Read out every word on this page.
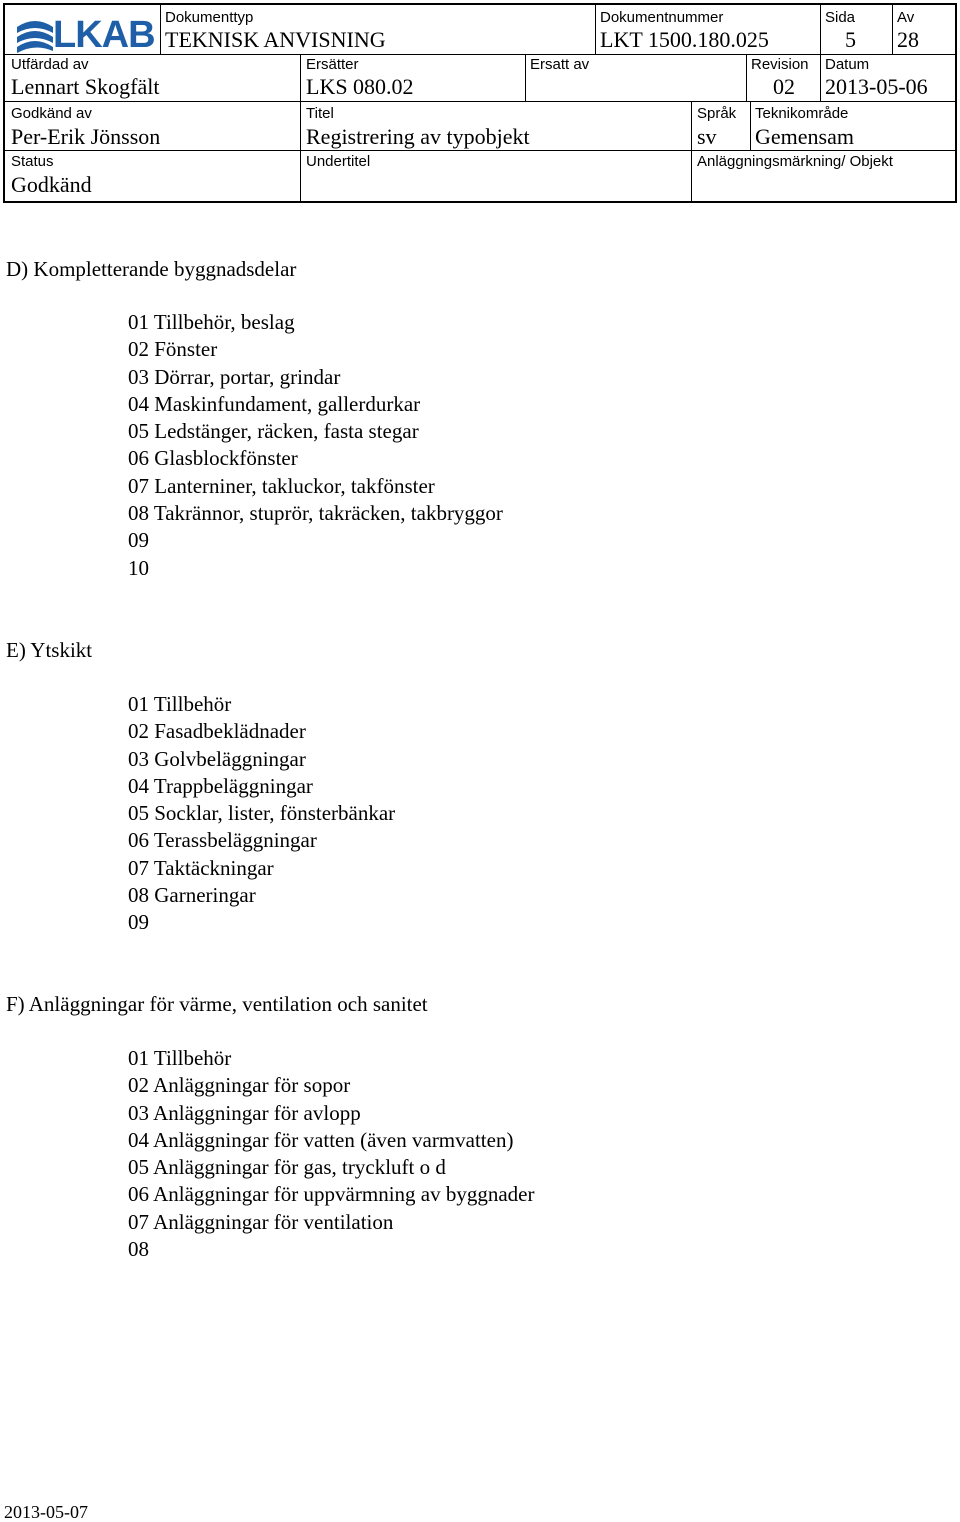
LKAB Dokumenttyp
TEKNISK ANVISNING
Dokumentnummer
LKT 1500.180.025
Sida
5
Av
28
Utfärdad av
Lennart Skogfält
Ersätter
LKS 080.02
Ersatt av	Revision
02
Datum
2013-05-06
Godkänd av
Per-Erik Jönsson
Titel
Registrering av typobjekt
Språk
sv
Teknikområde
Gemensam
Status
Godkänd
Undertitel	Anläggningsmärkning/ Objekt
D) Kompletterande byggnadsdelar
01 Tillbehör, beslag
02 Fönster
03 Dörrar, portar, grindar
04 Maskinfundament, gallerdurkar
05 Ledstänger, räcken, fasta stegar
06 Glasblockfönster
07 Lanterniner, takluckor, takfönster
08 Takrännor, stuprör, takräcken, takbryggor
09
10
E) Ytskikt
01 Tillbehör
02 Fasadbeklädnader
03 Golvbeläggningar
04 Trappbeläggningar
05 Socklar, lister, fönsterbänkar
06 Terassbeläggningar
07 Taktäckningar
08 Garneringar
09
F) Anläggningar för värme, ventilation och sanitet
01 Tillbehör
02 Anläggningar för sopor
03 Anläggningar för avlopp
04 Anläggningar för vatten (även varmvatten)
05 Anläggningar för gas, tryckluft o d
06 Anläggningar för uppvärmning av byggnader
07 Anläggningar för ventilation
08
2013-05-07
